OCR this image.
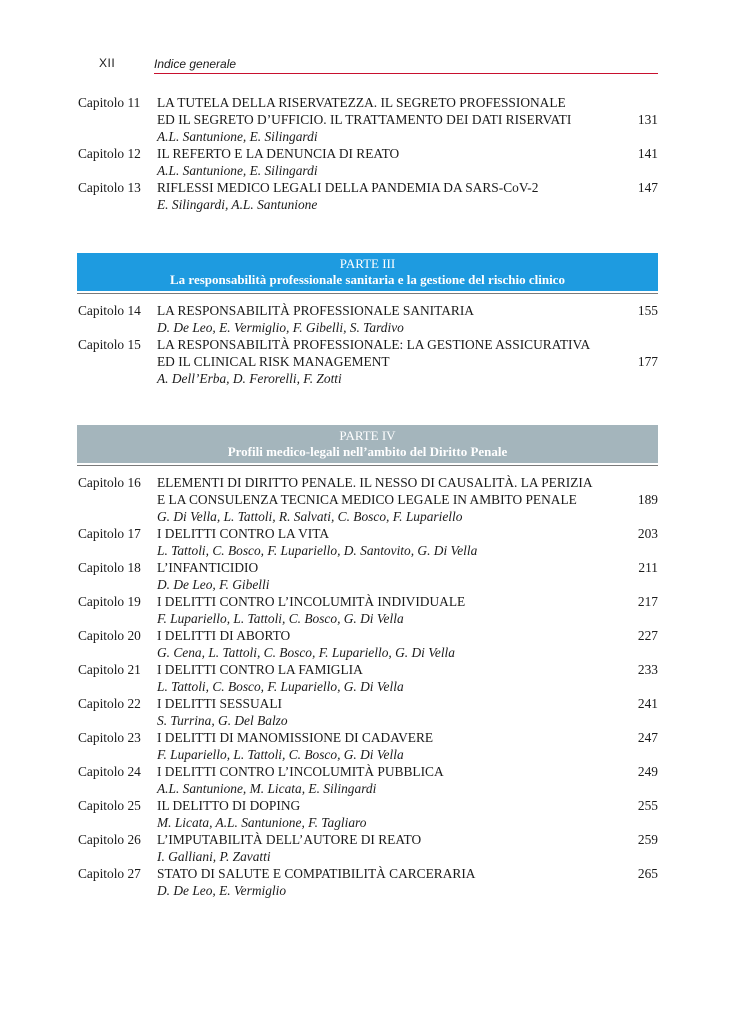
XII	Indice generale
Capitolo 11 LA TUTELA DELLA RISERVATEZZA. IL SEGRETO PROFESSIONALE
ED IL SEGRETO D’UFFICIO. IL TRATTAMENTO DEI DATI RISERVATI	131
A.L. Santunione, E. Silingardi
Capitolo 12 IL REFERTO E LA DENUNCIA DI REATO	141
A.L. Santunione, E. Silingardi
Capitolo 13 RIFLESSI MEDICO LEGALI DELLA PANDEMIA DA SARS-CoV-2	147
E. Silingardi, A.L. Santunione
PARTE III
La responsabilità professionale sanitaria e la gestione del rischio clinico
Capitolo 14 LA RESPONSABILITÀ PROFESSIONALE SANITARIA	155
D. De Leo, E. Vermiglio, F. Gibelli, S. Tardivo
Capitolo 15 LA RESPONSABILITÀ PROFESSIONALE: LA GESTIONE ASSICURATIVA
ED IL CLINICAL RISK MANAGEMENT	177
A. Dell’Erba, D. Ferorelli, F. Zotti
PARTE IV
Profili medico-legali nell’ambito del Diritto Penale
Capitolo 16 ELEMENTI DI DIRITTO PENALE. IL NESSO DI CAUSALITÀ. LA PERIZIA
E LA CONSULENZA TECNICA MEDICO LEGALE IN AMBITO PENALE	189
G. Di Vella, L. Tattoli, R. Salvati, C. Bosco, F. Lupariello
Capitolo 17 I DELITTI CONTRO LA VITA	203
L. Tattoli, C. Bosco, F. Lupariello, D. Santovito, G. Di Vella
Capitolo 18 L’INFANTICIDIO	211
D. De Leo, F. Gibelli
Capitolo 19 I DELITTI CONTRO L’INCOLUMITÀ INDIVIDUALE	217
F. Lupariello, L. Tattoli, C. Bosco, G. Di Vella
Capitolo 20 I DELITTI DI ABORTO	227
G. Cena, L. Tattoli, C. Bosco, F. Lupariello, G. Di Vella
Capitolo 21 I DELITTI CONTRO LA FAMIGLIA	233
L. Tattoli, C. Bosco, F. Lupariello, G. Di Vella
Capitolo 22 I DELITTI SESSUALI	241
S. Turrina, G. Del Balzo
Capitolo 23 I DELITTI DI MANOMISSIONE DI CADAVERE	247
F. Lupariello, L. Tattoli, C. Bosco, G. Di Vella
Capitolo 24 I DELITTI CONTRO L’INCOLUMITÀ PUBBLICA	249
A.L. Santunione, M. Licata, E. Silingardi
Capitolo 25 IL DELITTO DI DOPING	255
M. Licata, A.L. Santunione, F. Tagliaro
Capitolo 26 L’IMPUTABILITÀ DELL’AUTORE DI REATO	259
I. Galliani, P. Zavatti
Capitolo 27 STATO DI SALUTE E COMPATIBILITÀ CARCERARIA	265
D. De Leo, E. Vermiglio
